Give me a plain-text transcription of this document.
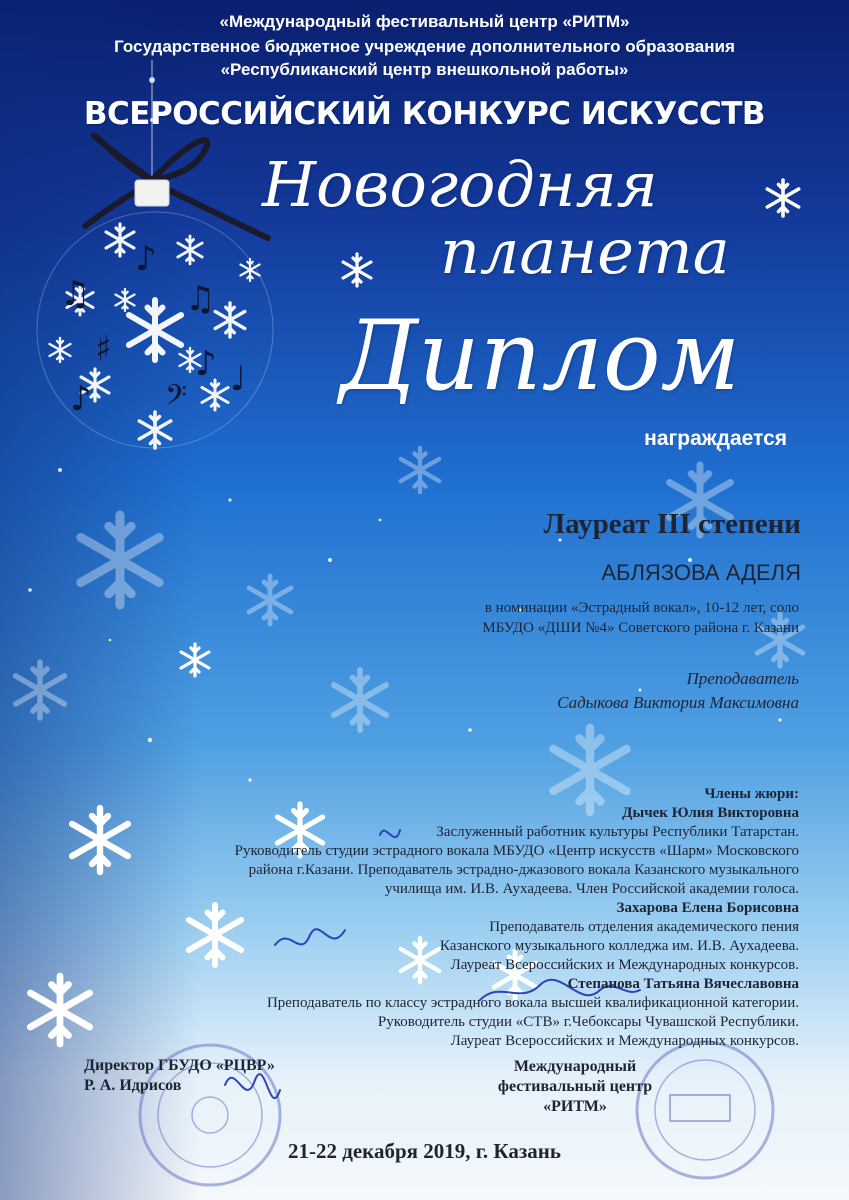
♫	♫
♯ ♪
♪ 𝄢 ♩
♪
«Международный фестивальный центр «РИТМ»
Государственное бюджетное учреждение дополнительного образования
«Республиканский центр внешкольной работы»
ВСЕРОССИЙСКИЙ КОНКУРС ИСКУССТВ
Новогодняя
планета
Диплом
награждается
Лауреат III степени
АБЛЯЗОВА АДЕЛЯ
в номинации «Эстрадный вокал», 10-12 лет, соло
МБУДО «ДШИ №4» Советского района г. Казани
Преподаватель
Садыкова Виктория Максимовна
Члены жюри:
Дычек Юлия Викторовна
Заслуженный работник культуры Республики Татарстан.
Руководитель студии эстрадного вокала МБУДО «Центр искусств «Шарм» Московского
района г.Казани. Преподаватель эстрадно-джазового вокала Казанского музыкального
училища им. И.В. Аухадеева. Член Российской академии голоса.
Захарова Елена Борисовна
Преподаватель отделения академического пения
Казанского музыкального колледжа им. И.В. Аухадеева.
Лауреат Всероссийских и Международных конкурсов.
Степанова Татьяна Вячеславовна
Преподаватель по классу эстрадного вокала высшей квалификационной категории.
Руководитель студии «СТВ» г.Чебоксары Чувашской Республики.
Лауреат Всероссийских и Международных конкурсов.
Директор ГБУДО «РЦВР»
Р. А. Идрисов
Международный
фестивальный центр
«РИТМ»
21-22 декабря 2019, г. Казань
